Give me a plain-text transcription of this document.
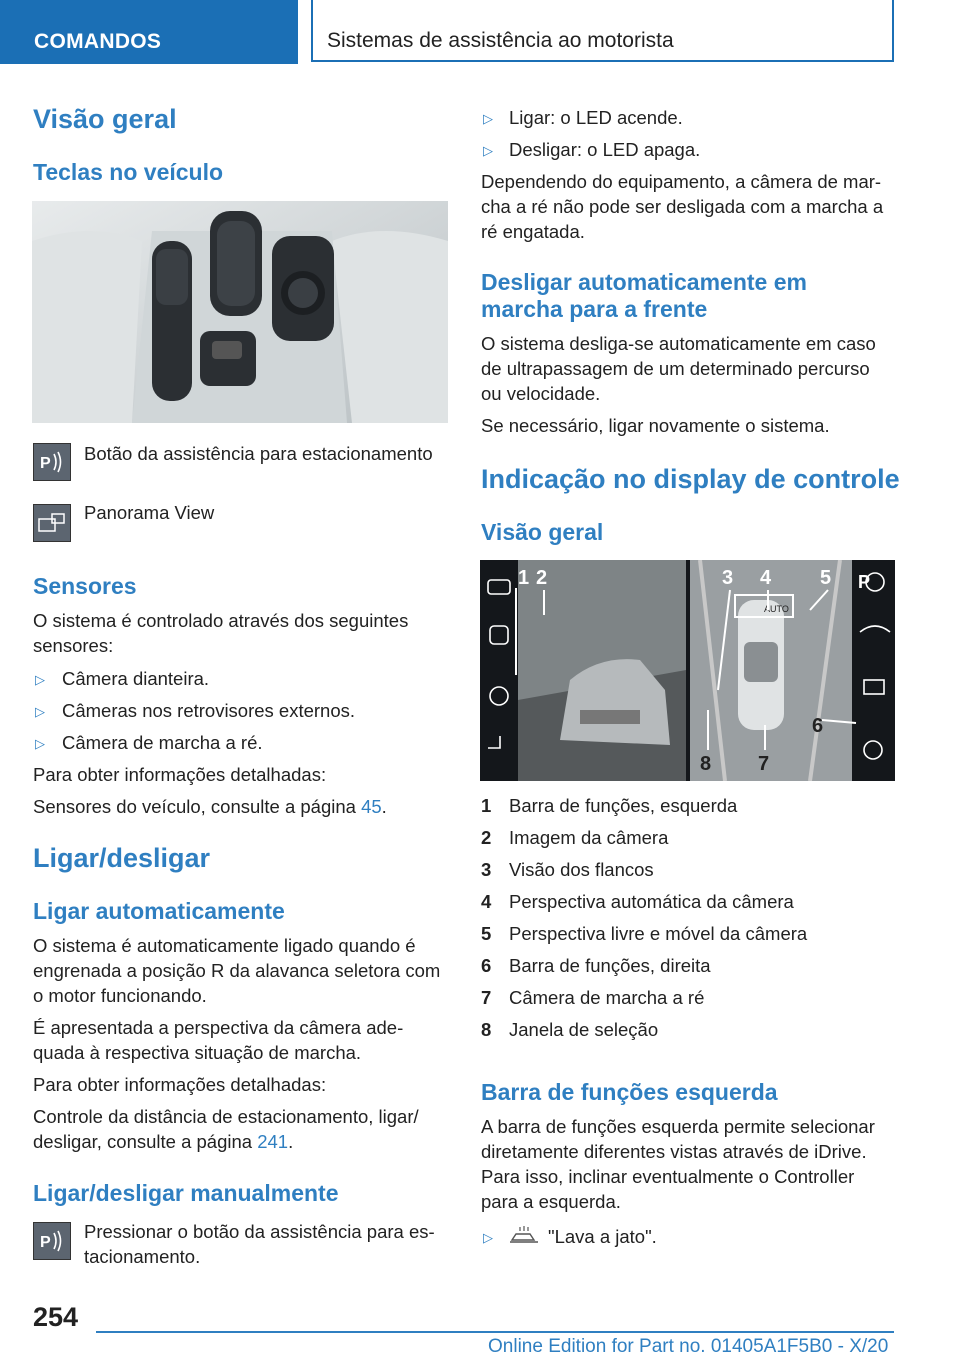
COMANDOS	Sistemas de assistência ao motorista
Visão geral
Teclas no veículo
P Botão da assistência para estacionamento
Panorama View
Sensores
O sistema é controlado através dos seguintes
sensores:
▷ Câmera dianteira.
▷ Câmeras nos retrovisores externos.
▷ Câmera de marcha a ré.
Para obter informações detalhadas:
Sensores do veículo, consulte a página 45.
Ligar/desligar
Ligar automaticamente
O sistema é automaticamente ligado quando é
engrenada a posição R da alavanca seletora com
o motor funcionando.
É apresentada a perspectiva da câmera ade-
quada à respectiva situação de marcha.
Para obter informações detalhadas:
Controle da distância de estacionamento, ligar/
desligar, consulte a página 241.
Ligar/desligar manualmente
P
Pressionar o botão da assistência para es-
tacionamento.
▷ Ligar: o LED acende.
▷ Desligar: o LED apaga.
Dependendo do equipamento, a câmera de mar-
cha a ré não pode ser desligada com a marcha a
ré engatada.
Desligar automaticamente em
marcha para a frente
O sistema desliga-se automaticamente em caso
de ultrapassagem de um determinado percurso
ou velocidade.
Se necessário, ligar novamente o sistema.
Indicação no display de controle
Visão geral
AUTO
P
1 2	3 4 5
6
7
8
1 Barra de funções, esquerda
2 Imagem da câmera
3 Visão dos flancos
4 Perspectiva automática da câmera
5 Perspectiva livre e móvel da câmera
6 Barra de funções, direita
7 Câmera de marcha a ré
8 Janela de seleção
Barra de funções esquerda
A barra de funções esquerda permite selecionar
diretamente diferentes vistas através de iDrive.
Para isso, inclinar eventualmente o Controller
para a esquerda.
▷	"Lava a jato".
254
Online Edition for Part no. 01405A1F5B0 - X/20
